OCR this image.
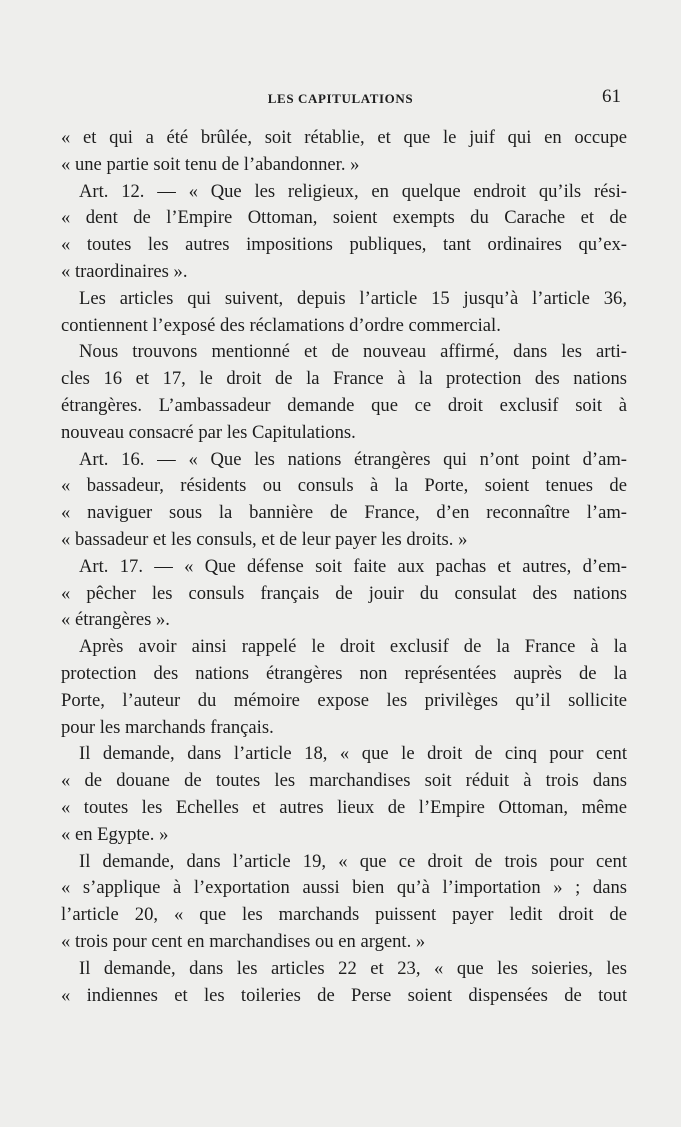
LES CAPITULATIONS	61
« et qui a été brûlée, soit rétablie, et que le juif qui en occupe
« une partie soit tenu de l’abandonner. »
Art. 12. — « Que les religieux, en quelque endroit qu’ils rési-
« dent de l’Empire Ottoman, soient exempts du Carache et de
« toutes les autres impositions publiques, tant ordinaires qu’ex-
« traordinaires ».
Les articles qui suivent, depuis l’article 15 jusqu’à l’article 36,
contiennent l’exposé des réclamations d’ordre commercial.
Nous trouvons mentionné et de nouveau affirmé, dans les arti-
cles 16 et 17, le droit de la France à la protection des nations
étrangères. L’ambassadeur demande que ce droit exclusif soit à
nouveau consacré par les Capitulations.
Art. 16. — « Que les nations étrangères qui n’ont point d’am-
« bassadeur, résidents ou consuls à la Porte, soient tenues de
« naviguer sous la bannière de France, d’en reconnaître l’am-
« bassadeur et les consuls, et de leur payer les droits. »
Art. 17. — « Que défense soit faite aux pachas et autres, d’em-
« pêcher les consuls français de jouir du consulat des nations
« étrangères ».
Après avoir ainsi rappelé le droit exclusif de la France à la
protection des nations étrangères non représentées auprès de la
Porte, l’auteur du mémoire expose les privilèges qu’il sollicite
pour les marchands français.
Il demande, dans l’article 18, « que le droit de cinq pour cent
« de douane de toutes les marchandises soit réduit à trois dans
« toutes les Echelles et autres lieux de l’Empire Ottoman, même
« en Egypte. »
Il demande, dans l’article 19, « que ce droit de trois pour cent
« s’applique à l’exportation aussi bien qu’à l’importation » ; dans
l’article 20, « que les marchands puissent payer ledit droit de
« trois pour cent en marchandises ou en argent. »
Il demande, dans les articles 22 et 23, « que les soieries, les
« indiennes et les toileries de Perse soient dispensées de tout
